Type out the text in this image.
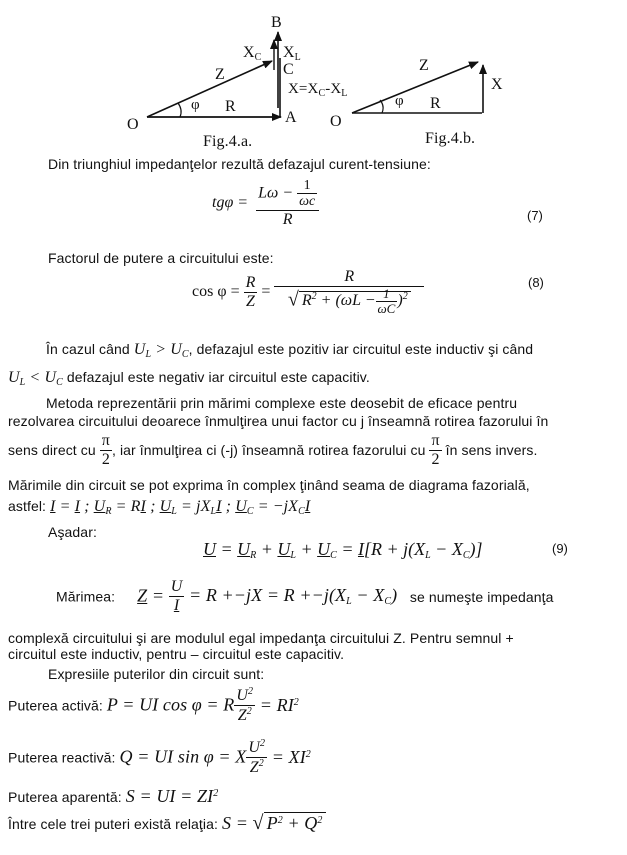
B
$X_C$ $X_L$
Z	C
$X=X_C-X_L$
φ R
O	A
Fig.4.a.
Z
X
φ R
O
Fig.4.b.
Din triunghiul impedanţelor rezultă defazajul curent-tensiune:
$tg\varphi = \frac{L\omega - \frac{1}{\omega c}}{R}$	(7)
Factorul de putere a circuitului este:
$\cos \varphi = \frac{R}{Z} = \frac{R}{√ R^2 + (\omega L - \frac{1}{\omega C} )^2}$	(8)
În cazul când $U_L > U_C$, defazajul este pozitiv iar circuitul este inductiv şi când
$U_L < U_C$ defazajul este negativ iar circuitul este capacitiv.
Metoda reprezentării prin mărimi complexe este deosebit de eficace pentru
rezolvarea circuitului deoarece înmulţirea unui factor cu j înseamnă rotirea fazorului în
sens direct cu $\frac{\pi}{2}$ , iar înmulţirea ci (-j) înseamnă rotirea fazorului cu $\frac{\pi}{2}$ în sens invers.
Mărimile din circuit se pot exprima în complex ţinând seama de diagrama fazorială,
astfel: I = I ; $U_R$ = RI ; $U_L = jX_LI$ ; $U_C = -jX_CI$
Aşadar:
$U = U_R + U_L + U_C = I[R + j(X_L - X_C)]$	(9)
Mărimea: $Z = \frac{U}{I} = R +-jX = R +-j(X_L - X_C)$ se numeşte impedanţa
complexă circuitului şi are modulul egal impedanţa circuitului Z. Pentru semnul +
circuitul este inductiv, pentru – circuitul este capacitiv.
Expresiile puterilor din circuit sunt:
Puterea activă: P = UI cos φ = R $\frac{U^2}{Z^2} = RI^2$
Puterea reactivă: Q = UI sin φ = X $\frac{U^2}{Z^2} = XI^2$
Puterea aparentă: S = UI = $ZI^2$
Între cele trei puteri există relaţia: S = √ $P^2 + Q^2$
